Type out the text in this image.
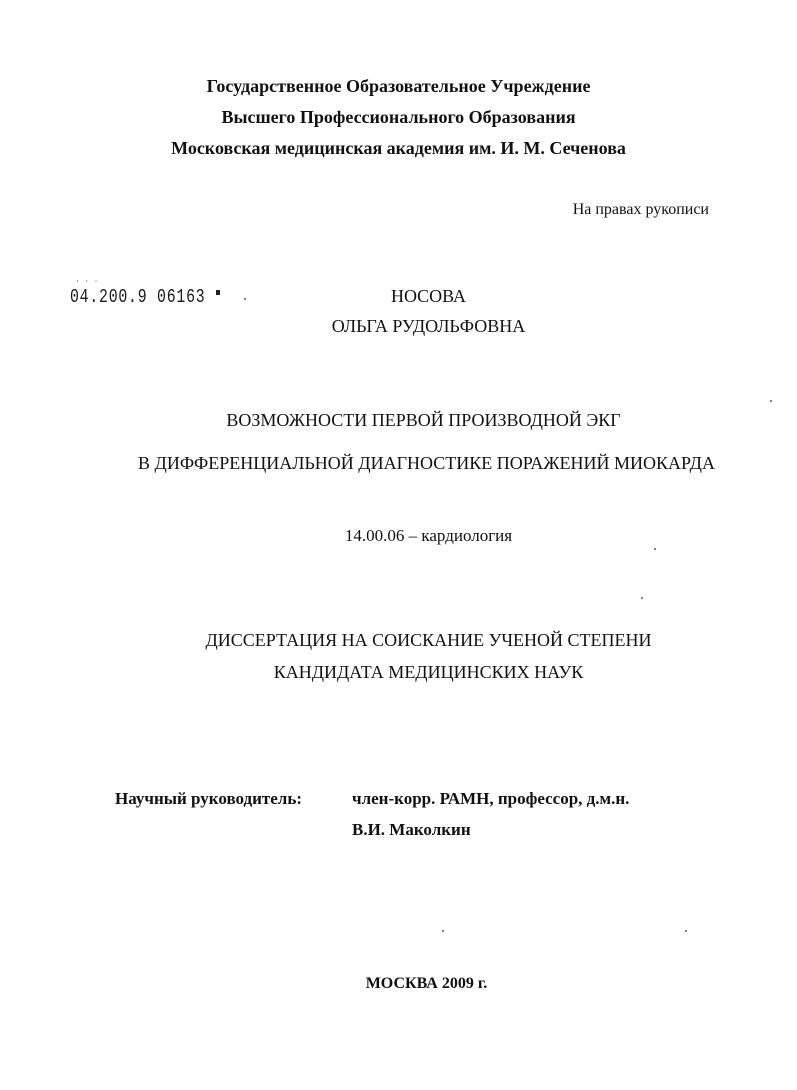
Государственное Образовательное Учреждение
Высшего Профессионального Образования
Московская медицинская академия им. И. М. Сеченова
На правах рукописи
· · ·
04.200.9 06163	НОСОВА
ОЛЬГА РУДОЛЬФОВНА
ВОЗМОЖНОСТИ ПЕРВОЙ ПРОИЗВОДНОЙ ЭКГ
В ДИФФЕРЕНЦИАЛЬНОЙ ДИАГНОСТИКЕ ПОРАЖЕНИЙ МИОКАРДА
14.00.06 – кардиология
ДИССЕРТАЦИЯ НА СОИСКАНИЕ УЧЕНОЙ СТЕПЕНИ
КАНДИДАТА МЕДИЦИНСКИХ НАУК
Научный руководитель:	член-корр. РАМН, профессор, д.м.н.
В.И. Маколкин
МОСКВА 2009 г.
